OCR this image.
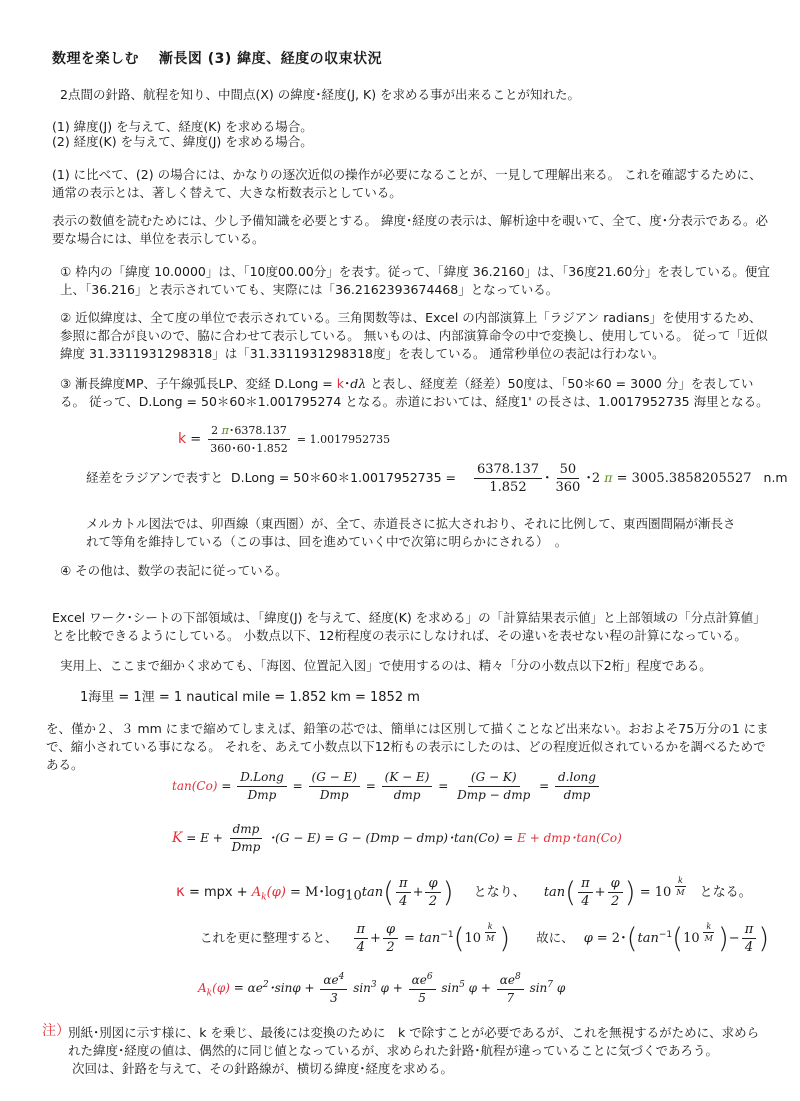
数理を楽しむ　 漸長図 (3) 緯度、経度の収束状況
2点間の針路、航程を知り、中間点(X) の緯度･経度(J, K) を求める事が出来ることが知れた。
(1) 緯度(J) を与えて、経度(K) を求める場合。
(2) 経度(K) を与えて、緯度(J) を求める場合。
(1) に比べて、(2) の場合には、かなりの逐次近似の操作が必要になることが、一見して理解出来る。 これを確認するために、通常の表示とは、著しく替えて、大きな桁数表示としている。
表示の数値を読むためには、少し予備知識を必要とする。 緯度･経度の表示は、解析途中を覗いて、全て、度･分表示である。必要な場合には、単位を表示している。
① 枠内の「緯度 10.0000」は、「10度00.00分」を表す。従って、「緯度 36.2160」は、「36度21.60分」を表している。便宜上、「36.216」と表示されていても、実際には「36.2162393674468」となっている。
② 近似緯度は、全て度の単位で表示されている。三角関数等は、Excel の内部演算上「ラジアン radians」を使用するため、参照に都合が良いので、脇に合わせて表示している。 無いものは、内部演算命令の中で変換し、使用している。 従って「近似緯度 31.3311931298318」は「31.3311931298318度」を表している。 通常秒単位の表記は行わない。
③ 漸長緯度MP、子午線弧長LP、変経 D.Long = k･dλ と表し、経度差（経差）50度は、「50＊60 = 3000 分」を表している。 従って、D.Long = 50＊60＊1.001795274 となる。赤道においては、経度1' の長さは、1.0017952735 海里となる。
$k = \frac{2 \pi･6378.137}{360･60･1.852} = 1.0017952735$
経差をラジアンで表すと D.Long = 50＊60＊1.0017952735 = $\frac{6378.137}{1.852}$ ･ $\frac{50}{360}$ ･2 π = 3005.3858205527 n.m
メルカトル図法では、卯酉線（東西圏）が、全て、赤道長さに拡大されおり、それに比例して、東西圏間隔が漸長されて等角を維持している（この事は、回を進めていく中で次第に明らかにされる）　。
④ その他は、数学の表記に従っている。
Excel ワーク･シートの下部領域は、「緯度(J) を与えて、経度(K) を求める」の「計算結果表示値」と上部領域の「分点計算値」とを比較できるようにしている。 小数点以下、12桁程度の表示にしなければ、その違いを表せない程の計算になっている。
実用上、ここまで細かく求めても、「海図、位置記入図」で使用するのは、精々「分の小数点以下2桁」程度である。
1海里 = 1浬 = 1 nautical mile = 1.852 km = 1852 m
を、僅か２、３ mm にまで縮めてしまえば、鉛筆の芯では、簡単には区別して描くことなど出来ない。おおよそ75万分の1 にまで、縮小されている事になる。 それを、あえて小数点以下12桁もの表示にしたのは、どの程度近似されているかを調べるためである。
$\tan(Co) = \frac{\text{D.Long}}{\text{Dmp}} = \frac{(G - E)}{\text{Dmp}} = \frac{(K - E)}{\text{dmp}} = \frac{(G - K)}{\text{Dmp − dmp}} = \frac{\text{d.long}}{\text{dmp}}$
$K = E + \frac{\text{dmp}}{\text{Dmp}}$ ･(G − E) = G − (Dmp − dmp)･tan(Co) = E + dmp･tan(Co)
κ = mpx + $A_k(\varphi) = M$･$\log_{10}\tan( \frac{\pi}{4} + \frac{\varphi}{2}$ ) となり、 $\tan( \frac{\pi}{4} + \frac{\varphi}{2}$ ) = 10 $^{\frac{k}{M}}$ となる。
これを更に整理すると、 $\frac{\pi}{4} + \frac{\varphi}{2} = \tan^{-1}(10$ $^{\frac{k}{M}}$ ) 故に、 φ = 2･($\tan^{-1}(10$ $^{\frac{k}{M}}$ )− $\frac{\pi}{4}$ )
$A_k(\varphi) = \alpha e^2$･$\sin\varphi + \frac{\alpha e^4}{3} \sin^3 \varphi + \frac{\alpha e^6}{5} \sin^5 \varphi + \frac{\alpha e^8}{7} \sin^7 \varphi$
注）
別紙･別図に示す様に、k を乗じ、最後には変換のために　k で除すことが必要であるが、これを無視するがために、求められた緯度･経度の値は、偶然的に同じ値となっているが、求められた針路･航程が違っていることに気づくであろう。
次回は、針路を与えて、その針路線が、横切る緯度･経度を求める。
